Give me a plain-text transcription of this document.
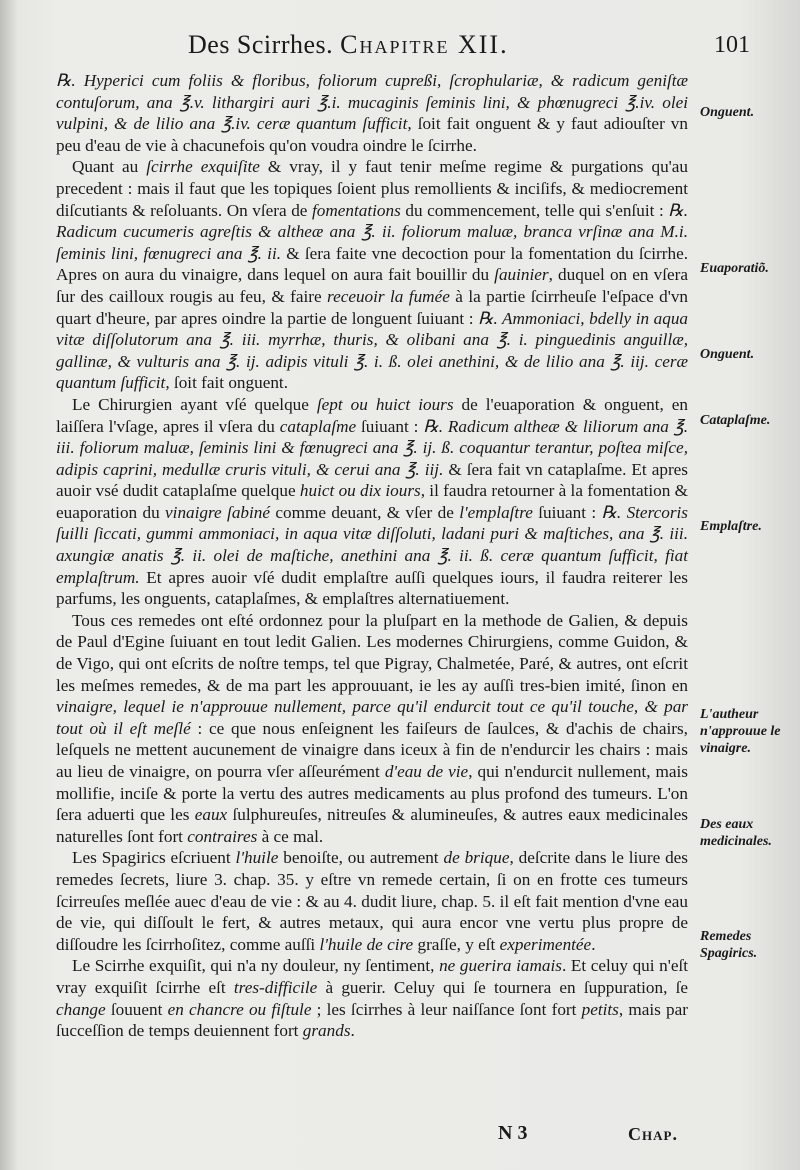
Des Scirrhes. Chapitre XII.	101

℞. Hyperici cum foliis & floribus, foliorum cupreßi, ſcrophulariæ, & radicum geniſtæ contuſorum, ana ℥.v. lithargiri auri ℥.i. mucaginis ſeminis lini, & phœnugreci ℥.iv. olei vulpini, & de lilio ana ℥.iv. ceræ quantum ſufficit, ſoit fait onguent & y faut adiouſter vn peu d'eau de vie à chacunefois qu'on voudra oindre le ſcirrhe.

Quant au ſcirrhe exquiſite & vray, il y faut tenir meſme regime & purgations qu'au precedent : mais il faut que les topiques ſoient plus remollients & inciſifs, & mediocrement diſcutiants & reſoluants. On vſera de fomentations du commencement, telle qui s'enſuit : ℞. Radicum cucumeris agreſtis & altheæ ana ℥. ii. foliorum maluæ, branca vrſinæ ana M.i. ſeminis lini, fœnugreci ana ℥. ii. & ſera faite vne decoction pour la fomentation du ſcirrhe. Apres on aura du vinaigre, dans lequel on aura fait bouillir du ſauinier, duquel on en vſera ſur des cailloux rougis au feu, & faire receuoir la fumée à la partie ſcirrheuſe l'eſpace d'vn quart d'heure, par apres oindre la partie de longuent ſuiuant : ℞. Ammoniaci, bdelly in aqua vitæ diſſolutorum ana ℥. iii. myrrhæ, thuris, & olibani ana ℥. i. pinguedinis anguillæ, gallinæ, & vulturis ana ℥. ij. adipis vituli ℥. i. ß. olei anethini, & de lilio ana ℥. iij. ceræ quantum ſufficit, ſoit fait onguent.

Le Chirurgien ayant vſé quelque ſept ou huict iours de l'euaporation & onguent, en laiſſera l'vſage, apres il vſera du cataplaſme ſuiuant : ℞. Radicum altheæ & liliorum ana ℥. iii. foliorum maluæ, ſeminis lini & fœnugreci ana ℥. ij. ß. coquantur terantur, poſtea miſce, adipis caprini, medullæ cruris vituli, & cerui ana ℥. iij. & ſera fait vn cataplaſme. Et apres auoir vsé dudit cataplaſme quelque huict ou dix iours, il faudra retourner à la fomentation & euaporation du vinaigre ſabiné comme deuant, & vſer de l'emplaſtre ſuiuant : ℞. Stercoris ſuilli ſiccati, gummi ammoniaci, in aqua vitæ diſſoluti, ladani puri & maſtiches, ana ℥. iii. axungiæ anatis ℥. ii. olei de maſtiche, anethini ana ℥. ii. ß. ceræ quantum ſufficit, fiat emplaſtrum. Et apres auoir vſé dudit emplaſtre auſſi quelques iours, il faudra reiterer les parfums, les onguents, cataplaſmes, & emplaſtres alternatiuement.

Tous ces remedes ont eſté ordonnez pour la pluſpart en la methode de Galien, & depuis de Paul d'Egine ſuiuant en tout ledit Galien. Les modernes Chirurgiens, comme Guidon, & de Vigo, qui ont eſcrits de noſtre temps, tel que Pigray, Chalmetée, Paré, & autres, ont eſcrit les meſmes remedes, & de ma part les approuuant, ie les ay auſſi tres-bien imité, ſinon en vinaigre, lequel ie n'approuue nullement, parce qu'il endurcit tout ce qu'il touche, & par tout où il eſt meſlé : ce que nous enſeignent les faiſeurs de ſaulces, & d'achis de chairs, leſquels ne mettent aucunement de vinaigre dans iceux à fin de n'endurcir les chairs : mais au lieu de vinaigre, on pourra vſer aſſeurément d'eau de vie, qui n'endurcit nullement, mais mollifie, inciſe & porte la vertu des autres medicaments au plus profond des tumeurs. L'on ſera aduerti que les eaux ſulphureuſes, nitreuſes & alumineuſes, & autres eaux medicinales naturelles ſont fort contraires à ce mal.

Les Spagirics eſcriuent l'huile benoiſte, ou autrement de brique, deſcrite dans le liure des remedes ſecrets, liure 3. chap. 35. y eſtre vn remede certain, ſi on en frotte ces tumeurs ſcirreuſes meſlée auec d'eau de vie : & au 4. dudit liure, chap. 5. il eſt fait mention d'vne eau de vie, qui diſſoult le fert, & autres metaux, qui aura encor vne vertu plus propre de diſſoudre les ſcirrhoſitez, comme auſſi l'huile de cire graſſe, y eſt experimentée.

Le Scirrhe exquiſit, qui n'a ny douleur, ny ſentiment, ne guerira iamais. Et celuy qui n'eſt vray exquiſit ſcirrhe eſt tres-difficile à guerir. Celuy qui ſe tournera en ſuppuration, ſe change ſouuent en chancre ou fiſtule ; les ſcirrhes à leur naiſſance ſont fort petits, mais par ſucceſſion de temps deuiennent fort grands.

Onguent.
Euaporatiõ.
Onguent.
Cataplaſme.
Emplaſtre.
L'autheur n'approuue le vinaigre.
Des eaux medicinales.
Remedes Spagirics.
N 3	Chap.
